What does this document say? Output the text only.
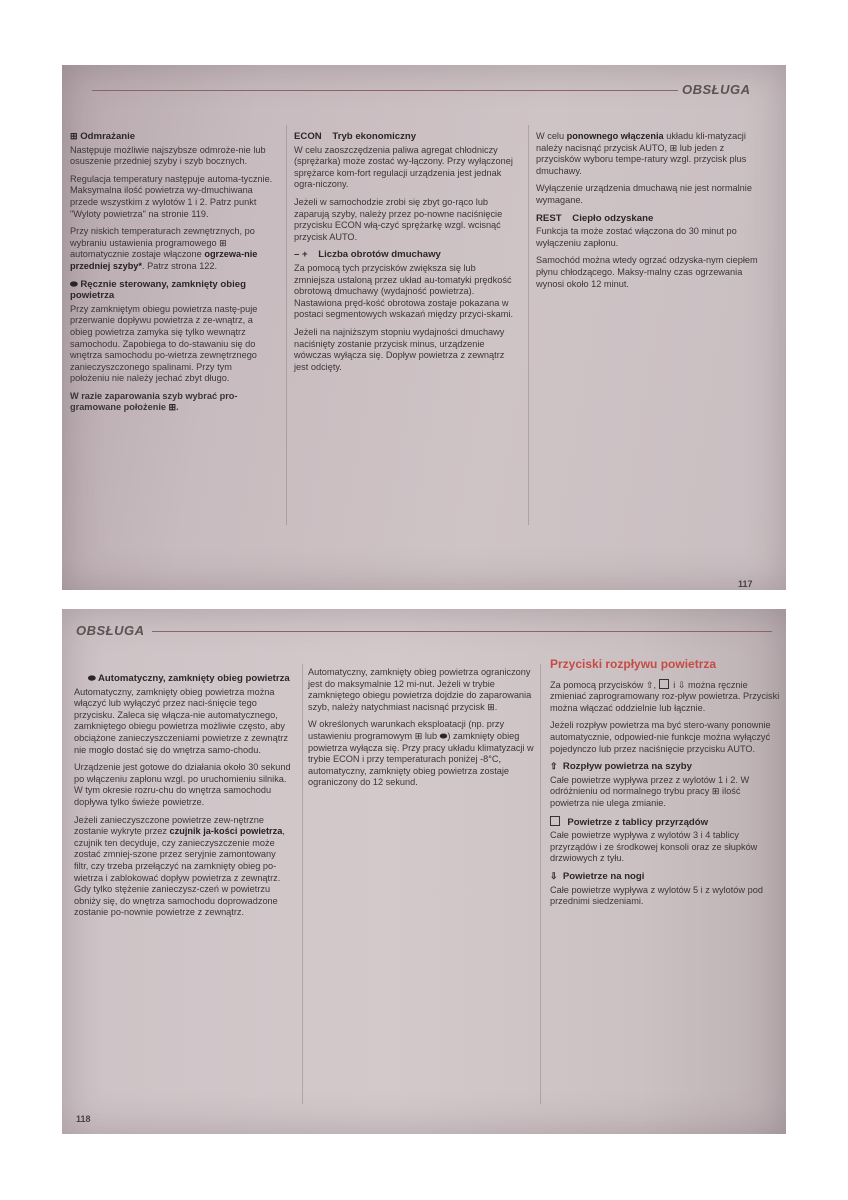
OBSŁUGA
⊞ Odmrażanie

Następuje możliwie najszybsze odmroże-nie lub osuszenie przedniej szyby i szyb bocznych.

Regulacja temperatury następuje automa-tycznie. Maksymalna ilość powietrza wy-dmuchiwana przede wszystkim z wylotów 1 i 2. Patrz punkt "Wyloty powietrza" na stronie 119.

Przy niskich temperaturach zewnętrznych, po wybraniu ustawienia programowego ⊞ automatycznie zostaje włączone ogrzewa-nie przedniej szyby*. Patrz strona 122.

⬬ Ręcznie sterowany, zamknięty obieg powietrza

Przy zamkniętym obiegu powietrza nastę-puje przerwanie dopływu powietrza z ze-wnątrz, a obieg powietrza zamyka się tylko wewnątrz samochodu. Zapobiega to do-stawaniu się do wnętrza samochodu po-wietrza zewnętrznego zanieczyszczonego spalinami. Przy tym położeniu nie należy jechać zbyt długo.

W razie zaparowania szyb wybrać pro-gramowane położenie ⊞.

ECON Tryb ekonomiczny

W celu zaoszczędzenia paliwa agregat chłodniczy (sprężarka) może zostać wy-łączony. Przy wyłączonej sprężarce kom-fort regulacji urządzenia jest jednak ogra-niczony.

Jeżeli w samochodzie zrobi się zbyt go-rąco lub zaparują szyby, należy przez po-nowne naciśnięcie przycisku ECON włą-czyć sprężarkę wzgl. wcisnąć przycisk AUTO.

– + Liczba obrotów dmuchawy

Za pomocą tych przycisków zwiększa się lub zmniejsza ustaloną przez układ au-tomatyki prędkość obrotową dmuchawy (wydajność powietrza). Nastawiona pręd-kość obrotowa zostaje pokazana w postaci segmentowych wskazań między przyci-skami.

Jeżeli na najniższym stopniu wydajności dmuchawy naciśnięty zostanie przycisk minus, urządzenie wówczas wyłącza się. Dopływ powietrza z zewnątrz jest odcięty.

W celu ponownego włączenia układu kli-matyzacji należy nacisnąć przycisk AUTO, ⊞ lub jeden z przycisków wyboru tempe-ratury wzgl. przycisk plus dmuchawy.

Wyłączenie urządzenia dmuchawą nie jest normalnie wymagane.

REST Ciepło odzyskane

Funkcja ta może zostać włączona do 30 minut po wyłączeniu zapłonu.

Samochód można wtedy ogrzać odzyska-nym ciepłem płynu chłodzącego. Maksy-malny czas ogrzewania wynosi około 12 minut.

117
OBSŁUGA
⬬ Automatyczny, zamknięty obieg powietrza

Automatyczny, zamknięty obieg powietrza można włączyć lub wyłączyć przez naci-śnięcie tego przycisku. Zaleca się włącza-nie automatycznego, zamkniętego obiegu powietrza możliwie często, aby obciążone zanieczyszczeniami powietrze z zewnątrz nie mogło dostać się do wnętrza samo-chodu.

Urządzenie jest gotowe do działania około 30 sekund po włączeniu zapłonu wzgl. po uruchomieniu silnika. W tym okresie rozru-chu do wnętrza samochodu dopływa tylko świeże powietrze.

Jeżeli zanieczyszczone powietrze zew-nętrzne zostanie wykryte przez czujnik ja-kości powietrza, czujnik ten decyduje, czy zanieczyszczenie może zostać zmniej-szone przez seryjnie zamontowany filtr, czy trzeba przełączyć na zamknięty obieg po-wietrza i zablokować dopływ powietrza z zewnątrz. Gdy tylko stężenie zanieczysz-czeń w powietrzu obniży się, do wnętrza samochodu doprowadzone zostanie po-nownie powietrze z zewnątrz.

Automatyczny, zamknięty obieg powietrza ograniczony jest do maksymalnie 12 mi-nut. Jeżeli w trybie zamkniętego obiegu powietrza dojdzie do zaparowania szyb, należy natychmiast nacisnąć przycisk ⊞.

W określonych warunkach eksploatacji (np. przy ustawieniu programowym ⊞ lub ⬬) zamknięty obieg powietrza wyłącza się. Przy pracy układu klimatyzacji w trybie ECON i przy temperaturach poniżej -8°C, automatyczny, zamknięty obieg powietrza zostaje ograniczony do 12 sekund.

Przyciski rozpływu powietrza

Za pomocą przycisków ⇧,  i ⇩ można ręcznie zmieniać zaprogramowany roz-pływ powietrza. Przyciski można włączać oddzielnie lub łącznie.

Jeżeli rozpływ powietrza ma być stero-wany ponownie automatycznie, odpowied-nie funkcje można wyłączyć pojedynczo lub przez naciśnięcie przycisku AUTO.

⇧ Rozpływ powietrza na szyby

Całe powietrze wypływa przez z wylotów 1 i 2. W odróżnieniu od normalnego trybu pracy ⊞ ilość powietrza nie ulega zmianie.

Powietrze z tablicy przyrządów

Całe powietrze wypływa z wylotów 3 i 4 tablicy przyrządów i ze środkowej konsoli oraz ze słupków drzwiowych z tyłu.

⇩ Powietrze na nogi

Całe powietrze wypływa z wylotów 5 i z wylotów pod przednimi siedzeniami.

118
